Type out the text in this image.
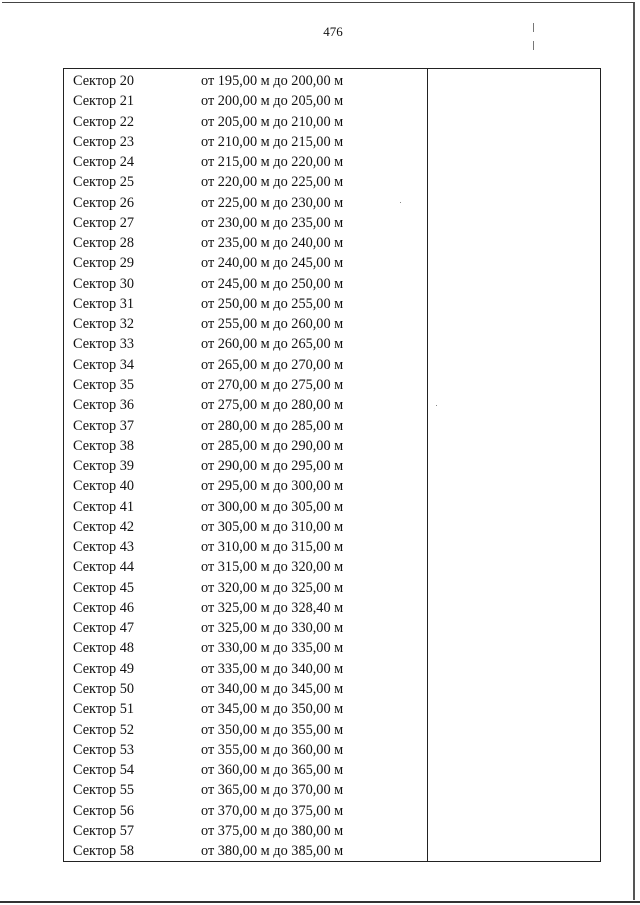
476
Сектор 20	от 195,00 м до 200,00 м
Сектор 21	от 200,00 м до 205,00 м
Сектор 22	от 205,00 м до 210,00 м
Сектор 23	от 210,00 м до 215,00 м
Сектор 24	от 215,00 м до 220,00 м
Сектор 25	от 220,00 м до 225,00 м
Сектор 26	от 225,00 м до 230,00 м
Сектор 27	от 230,00 м до 235,00 м
Сектор 28	от 235,00 м до 240,00 м
Сектор 29	от 240,00 м до 245,00 м
Сектор 30	от 245,00 м до 250,00 м
Сектор 31	от 250,00 м до 255,00 м
Сектор 32	от 255,00 м до 260,00 м
Сектор 33	от 260,00 м до 265,00 м
Сектор 34	от 265,00 м до 270,00 м
Сектор 35	от 270,00 м до 275,00 м
Сектор 36	от 275,00 м до 280,00 м
Сектор 37	от 280,00 м до 285,00 м
Сектор 38	от 285,00 м до 290,00 м
Сектор 39	от 290,00 м до 295,00 м
Сектор 40	от 295,00 м до 300,00 м
Сектор 41	от 300,00 м до 305,00 м
Сектор 42	от 305,00 м до 310,00 м
Сектор 43	от 310,00 м до 315,00 м
Сектор 44	от 315,00 м до 320,00 м
Сектор 45	от 320,00 м до 325,00 м
Сектор 46	от 325,00 м до 328,40 м
Сектор 47	от 325,00 м до 330,00 м
Сектор 48	от 330,00 м до 335,00 м
Сектор 49	от 335,00 м до 340,00 м
Сектор 50	от 340,00 м до 345,00 м
Сектор 51	от 345,00 м до 350,00 м
Сектор 52	от 350,00 м до 355,00 м
Сектор 53	от 355,00 м до 360,00 м
Сектор 54	от 360,00 м до 365,00 м
Сектор 55	от 365,00 м до 370,00 м
Сектор 56	от 370,00 м до 375,00 м
Сектор 57	от 375,00 м до 380,00 м
Сектор 58	от 380,00 м до 385,00 м
